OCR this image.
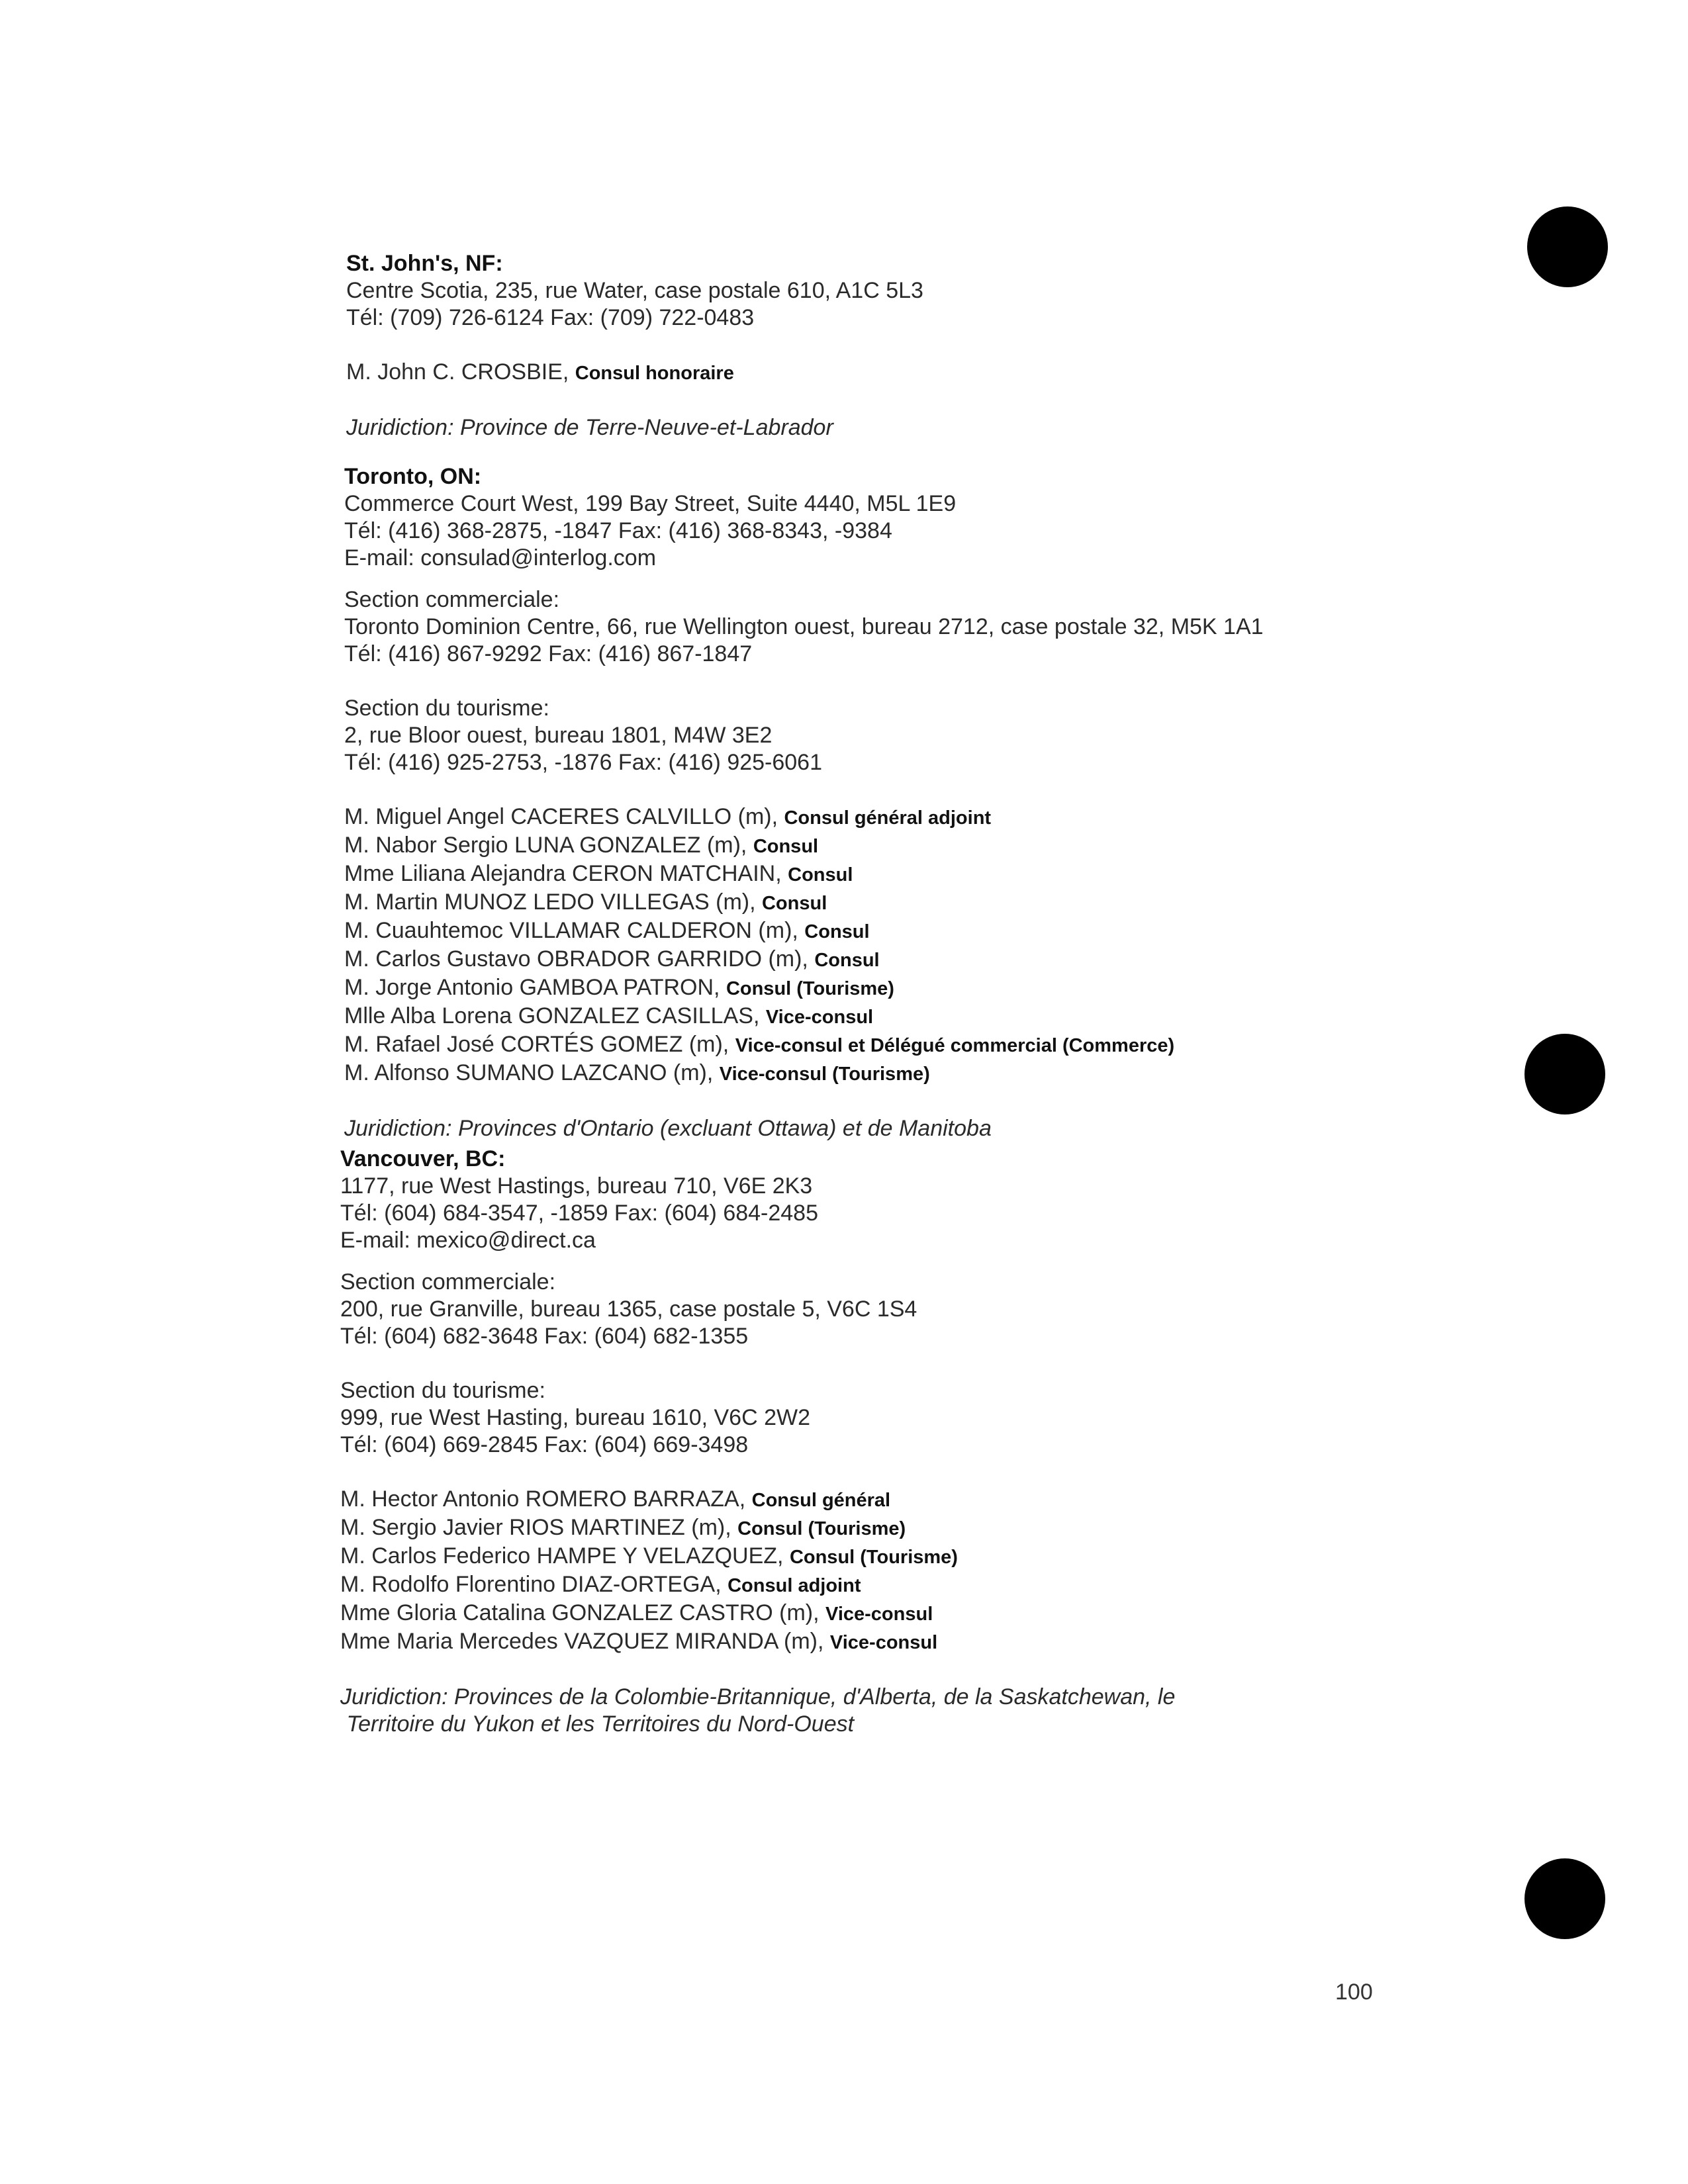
St. John's, NF:
Centre Scotia, 235, rue Water, case postale 610, A1C 5L3
Tél: (709) 726-6124 Fax: (709) 722-0483
M. John C. CROSBIE, Consul honoraire
Juridiction: Province de Terre-Neuve-et-Labrador
Toronto, ON:
Commerce Court West, 199 Bay Street, Suite 4440, M5L 1E9
Tél: (416) 368-2875, -1847 Fax: (416) 368-8343, -9384
E-mail: consulad@interlog.com
Section commerciale:
Toronto Dominion Centre, 66, rue Wellington ouest, bureau 2712, case postale 32, M5K 1A1
Tél: (416) 867-9292 Fax: (416) 867-1847
Section du tourisme:
2, rue Bloor ouest, bureau 1801, M4W 3E2
Tél: (416) 925-2753, -1876 Fax: (416) 925-6061
M. Miguel Angel CACERES CALVILLO (m), Consul général adjoint
M. Nabor Sergio LUNA GONZALEZ (m), Consul
Mme Liliana Alejandra CERON MATCHAIN, Consul
M. Martin MUNOZ LEDO VILLEGAS (m), Consul
M. Cuauhtemoc VILLAMAR CALDERON (m), Consul
M. Carlos Gustavo OBRADOR GARRIDO (m), Consul
M. Jorge Antonio GAMBOA PATRON, Consul (Tourisme)
Mlle Alba Lorena GONZALEZ CASILLAS, Vice-consul
M. Rafael José CORTÉS GOMEZ (m), Vice-consul et Délégué commercial (Commerce)
M. Alfonso SUMANO LAZCANO (m), Vice-consul (Tourisme)
Juridiction: Provinces d'Ontario (excluant Ottawa) et de Manitoba
Vancouver, BC:
1177, rue West Hastings, bureau 710, V6E 2K3
Tél: (604) 684-3547, -1859 Fax: (604) 684-2485
E-mail: mexico@direct.ca
Section commerciale:
200, rue Granville, bureau 1365, case postale 5, V6C 1S4
Tél: (604) 682-3648 Fax: (604) 682-1355
Section du tourisme:
999, rue West Hasting, bureau 1610, V6C 2W2
Tél: (604) 669-2845 Fax: (604) 669-3498
M. Hector Antonio ROMERO BARRAZA, Consul général
M. Sergio Javier RIOS MARTINEZ (m), Consul (Tourisme)
M. Carlos Federico HAMPE Y VELAZQUEZ, Consul (Tourisme)
M. Rodolfo Florentino DIAZ-ORTEGA, Consul adjoint
Mme Gloria Catalina GONZALEZ CASTRO (m), Vice-consul
Mme Maria Mercedes VAZQUEZ MIRANDA (m), Vice-consul
Juridiction: Provinces de la Colombie-Britannique, d'Alberta, de la Saskatchewan, le
Territoire du Yukon et les Territoires du Nord-Ouest
100
